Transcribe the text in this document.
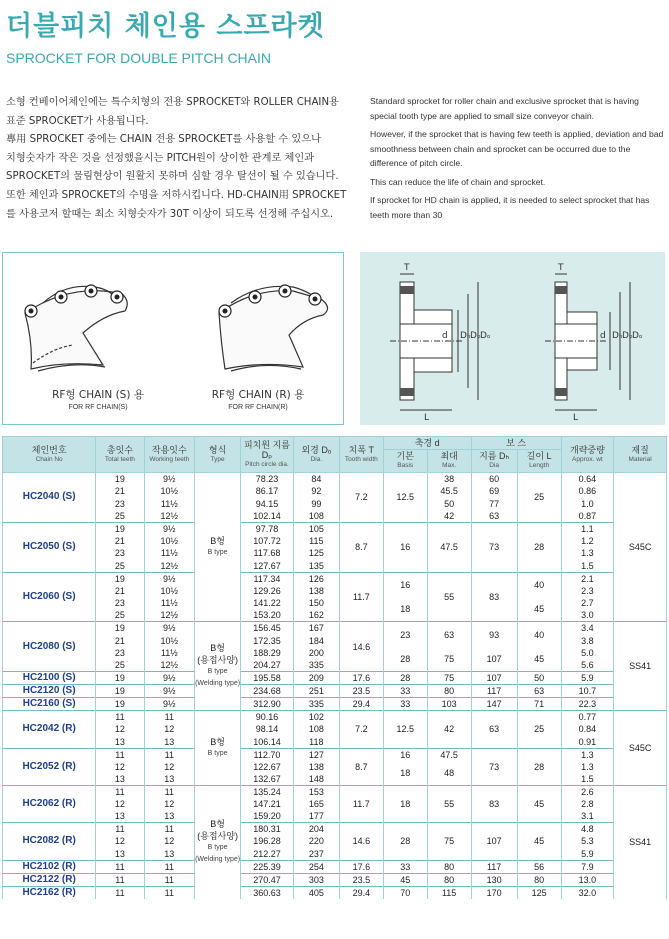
더블피치 체인용 스프라켓
SPROCKET FOR DOUBLE PITCH CHAIN
소형 컨베이어체인에는 특수치형의 전용 SPROCKET와 ROLLER CHAIN용
표준 SPROCKET가 사용됩니다.
專用 SPROCKET 중에는 CHAIN 전용 SPROCKET를 사용할 수 있으나
치형숫자가 작은 것을 선정했을시는 PITCH원이 상이한 관계로 체인과
SPROCKET의 물림현상이 원활치 못하며 심할 경우 탈선이 될 수 있습니다.
또한 체인과 SPROCKET의 수명을 저하시킵니다. HD-CHAIN用 SPROCKET
를 사용코저 할때는 최소 치형숫자가 30T 이상이 되도록 선정해 주십시오.

Standard sprocket for roller chain and exclusive sprocket that is having special tooth type are applied to small size conveyor chain.

However, if the sprocket that is having few teeth is applied, deviation and bad smoothness between chain and sprocket can be occurred due to the difference of pitch circle.

This can reduce the life of chain and sprocket.

If sprocket for HD chain is applied, it is needed to select sprocket that has teeth more than 30

RF형 CHAIN (S) 용
FOR RF CHAIN(S)
RF형 CHAIN (R) 용
FOR RF CHAIN(R)
T
d Dₕ Dₚ Dₒ
L
T
d Dₕ Dₚ Dₒ
L
체인번호
Chain No	총잇수
Total teeth	작용잇수
Working teeth	형식
Type	피치원 지름 Dₚ
Pitch circle dia.	외경 Dₒ
Dia.	치폭 T
Tooth width	축경 d		보 스		개략중량
Approx. wt	재질
Material

							기본
Basis	최대
Max.	지름 Dₕ
Dia	길이 L
Length		

HC2040 (S)	19	9½	B형
B type	78.23	84	7.2	12.5	38	60	25	0.64	S45C
	21	10½		86.17	92			45.5	69		0.86	
	23	11½		94.15	99			50	77		1.0	
	25	12½		102.14	108			42	63		0.87	
HC2050 (S)	19	9½		97.78	105	8.7	16	47.5	73	28	1.1	
	21	10½		107.72	115						1.2	
	23	11½		117.68	125						1.3	
	25	12½		127.67	135						1.5	
HC2060 (S)	19	9½		117.34	126	11.7	16	55	83	40	2.1	
	21	10½		129.26	138						2.3	
	23	11½		141.22	150		18			45	2.7	
	25	12½		153.20	162						3.0	
HC2080 (S)	19	9½	B형
(용접사양)
B type
(Welding type)	156.45	167	14.6	23	63	93	40	3.4	SS41
	21	10½		172.35	184						3.8	
	23	11½		188.29	200		28	75	107	45	5.0	
	25	12½		204.27	335						5.6	
HC2100 (S)	19	9½		195.58	209	17.6	28	75	107	50	5.9	
HC2120 (S)	19	9½		234.68	251	23.5	33	80	117	63	10.7	
HC2160 (S)	19	9½		312.90	335	29.4	33	103	147	71	22.3	
HC2042 (R)	11	11	B형
B type	90.16	102	7.2	12.5	42	63	25	0.77	S45C
	12	12		98.14	108						0.84	
	13	13		106.14	118						0.91	
HC2052 (R)	11	11		112.70	127	8.7	16	47.5	73	28	1.3	
	12	12		122.67	138		18	48			1.3	
	13	13		132.67	148						1.5	
HC2062 (R)	11	11	B형
(용접사양)
B type
(Welding type)	135.24	153	11.7	18	55	83	45	2.6	SS41
	12	12		147.21	165						2.8	
	13	13		159.20	177						3.1	
HC2082 (R)	11	11		180.31	204	14.6	28	75	107	45	4.8	
	12	12		196.28	220						5.3	
	13	13		212.27	237						5.9	
HC2102 (R)	11	11		225.39	254	17.6	33	80	117	56	7.9	
HC2122 (R)	11	11		270.47	303	23.5	45	80	130	80	13.0	
HC2162 (R)	11	11		360.63	405	29.4	70	115	170	125	32.0	
